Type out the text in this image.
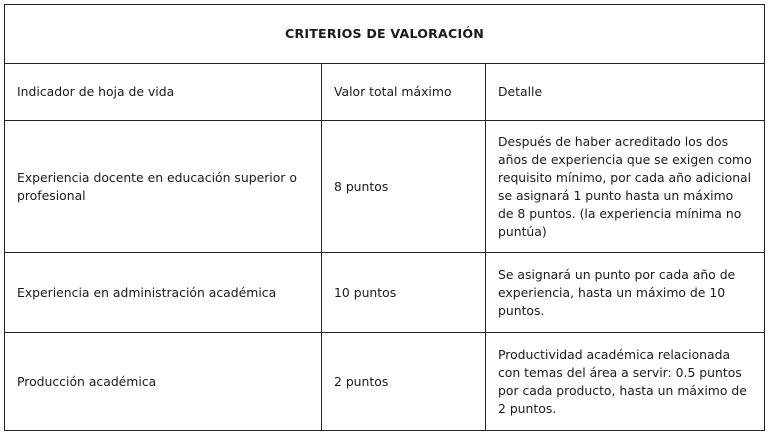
CRITERIOS DE VALORACIÓN		
Indicador de hoja de vida	Valor total máximo	Detalle
Experiencia docente en educación superior o profesional	8 puntos	Después de haber acreditado los dos años de experiencia que se exigen como requisito mínimo, por cada año adicional se asignará 1 punto hasta un máximo de 8 puntos. (la experiencia mínima no puntúa)
Experiencia en administración académica	10 puntos	Se asignará un punto por cada año de experiencia, hasta un máximo de 10 puntos.
Producción académica	2 puntos	Productividad académica relacionada con temas del área a servir: 0.5 puntos por cada producto, hasta un máximo de 2 puntos.
